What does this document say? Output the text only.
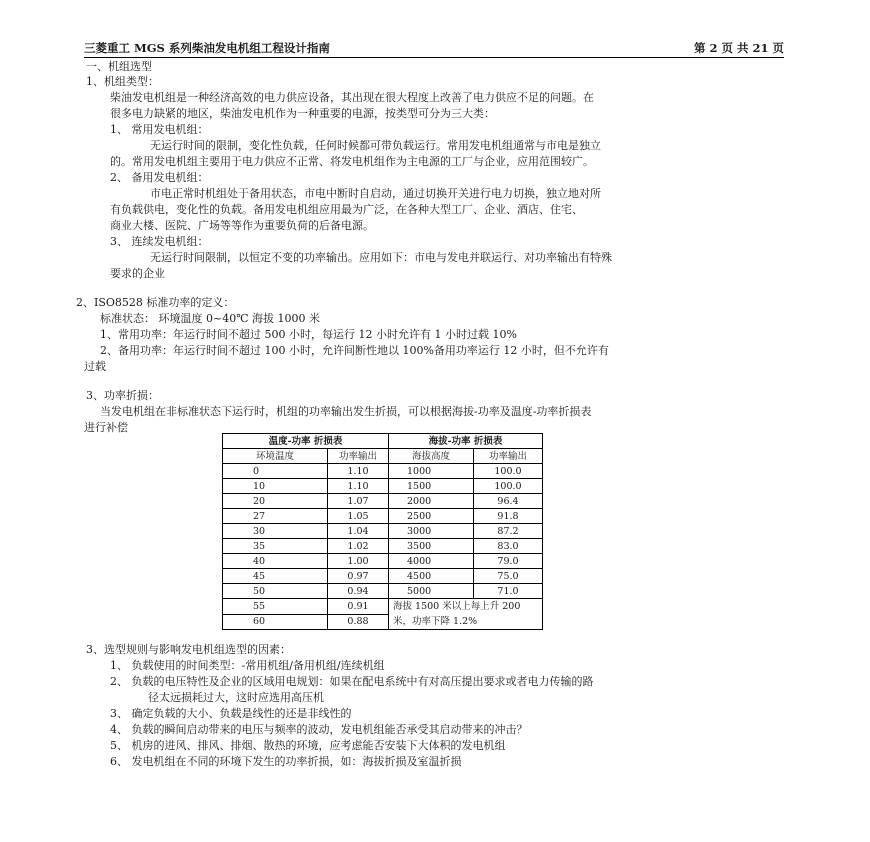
三菱重工 MGS 系列柴油发电机组工程设计指南	第 2 页 共 21 页
一、机组选型
1、机组类型：
柴油发电机组是一种经济高效的电力供应设备，其出现在很大程度上改善了电力供应不足的问题。在
很多电力缺紧的地区，柴油发电机作为一种重要的电源，按类型可分为三大类：
1、 常用发电机组：
无运行时间的限制，变化性负载，任何时候都可带负载运行。常用发电机组通常与市电是独立
的。常用发电机组主要用于电力供应不正常、将发电机组作为主电源的工厂与企业，应用范围较广。
2、 备用发电机组：
市电正常时机组处于备用状态，市电中断时自启动，通过切换开关进行电力切换，独立地对所
有负载供电，变化性的负载。备用发电机组应用最为广泛，在各种大型工厂、企业、酒店、住宅、
商业大楼、医院、广场等等作为重要负荷的后备电源。
3、 连续发电机组：
无运行时间限制，以恒定不变的功率输出。应用如下：市电与发电并联运行、对功率输出有特殊
要求的企业
2、ISO8528 标准功率的定义：
标准状态： 环境温度 0~40℃ 海拔 1000 米
1、常用功率：年运行时间不超过 500 小时，每运行 12 小时允许有 1 小时过载 10%
2、备用功率：年运行时间不超过 100 小时，允许间断性地以 100%备用功率运行 12 小时，但不允许有
过载
3、功率折损：
当发电机组在非标准状态下运行时，机组的功率输出发生折损，可以根据海拔-功率及温度-功率折损表
进行补偿
温度-功率 折损表		海拔-功率 折损表	
环境温度	功率输出	海拔高度	功率输出
0	1.10	1000	100.0
10	1.10	1500	100.0
20	1.07	2000	96.4
27	1.05	2500	91.8
30	1.04	3000	87.2
35	1.02	3500	83.0
40	1.00	4000	79.0
45	0.97	4500	75.0
50	0.94	5000	71.0
55	0.91	海拔 1500 米以上每上升 200 米，功率下降 1.2%	
60	0.88		
3、选型规则与影响发电机组选型的因素：
1、 负载使用的时间类型：-常用机组/备用机组/连续机组
2、 负载的电压特性及企业的区域用电规划：如果在配电系统中有对高压提出要求或者电力传输的路
径太远损耗过大，这时应选用高压机
3、 确定负载的大小、负载是线性的还是非线性的
4、 负载的瞬间启动带来的电压与频率的波动，发电机组能否承受其启动带来的冲击？
5、 机房的进风、排风、排烟、散热的环境，应考虑能否安装下大体积的发电机组
6、 发电机组在不同的环境下发生的功率折损，如：海拔折损及室温折损
